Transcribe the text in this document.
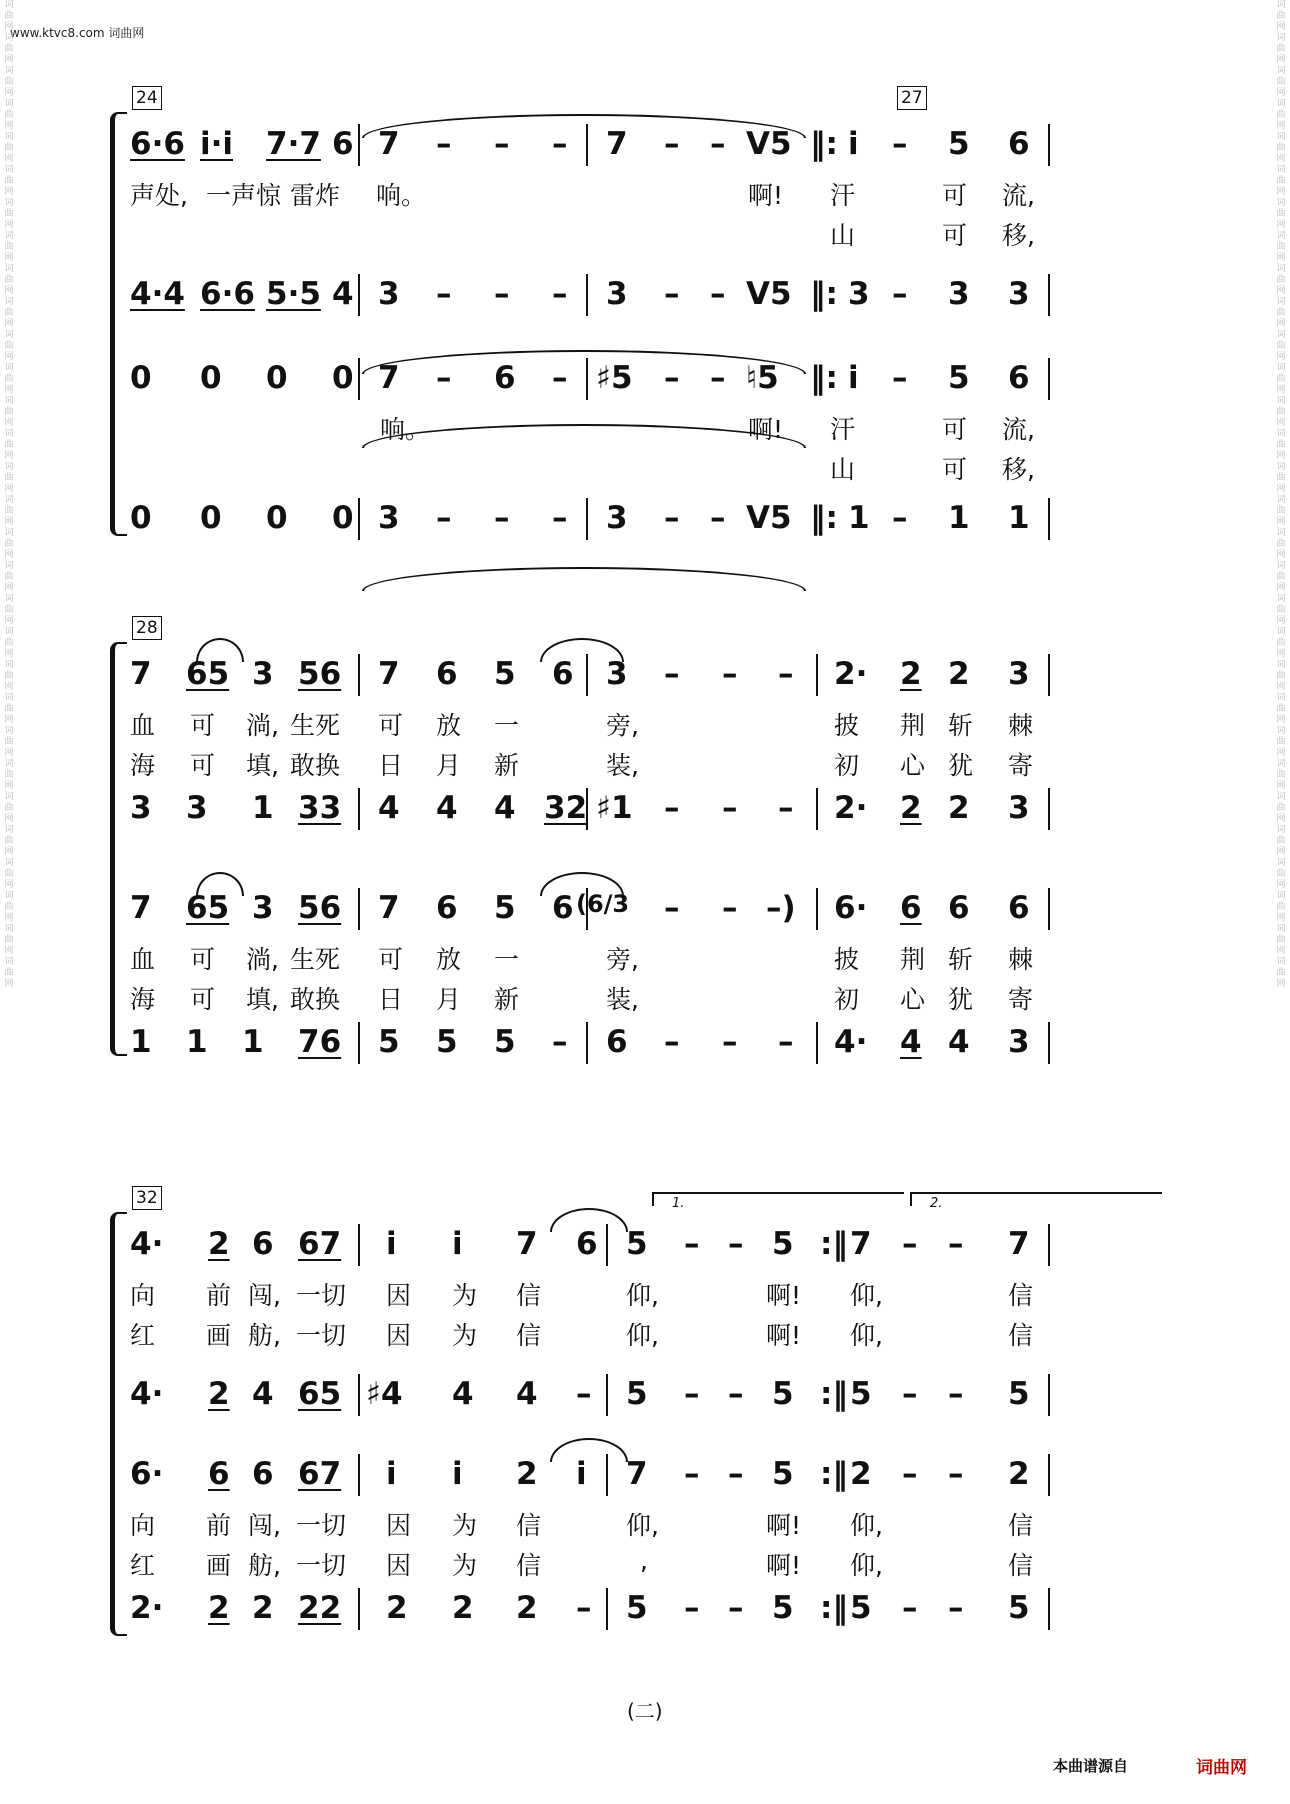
www.ktvc8.com 词曲网
词曲网词曲网词曲网词曲网词曲网词曲网词曲网词曲网词曲网词曲网词曲网词曲网词曲网词曲网词曲网词曲网词曲网词曲网词曲网词曲网词曲网词曲网词曲网词曲网词曲网词曲网词曲网词曲网词曲网词曲网
词曲网词曲网词曲网词曲网词曲网词曲网词曲网词曲网词曲网词曲网词曲网词曲网词曲网词曲网词曲网词曲网词曲网词曲网词曲网词曲网词曲网词曲网词曲网词曲网词曲网词曲网词曲网词曲网词曲网词曲网
24	27
6·6 i·i 7·7 6 7 – – – 7 – – V5 ‖: i – 5 6
声处, 一声惊 雷炸 响。	啊! 汗	可 流,
山	可 移,
4·4 6·6 5·5 4 3 – – – 3 – – V5 ‖: 3 – 3 3
0 0 0 0 7 – 6 – ♯5 – – ♮5 ‖: i – 5 6
响。	啊! 汗	可 流,
山	可 移,
0 0 0 0 3 – – – 3 – – V5 ‖: 1 – 1 1
28
7 65 3 56 7 6 5 6 3 – – – 2· 2 2 3
血 可 淌, 生死 可 放 一	旁,	披 荆 斩 棘
海 可 填, 敢换 日 月 新	装,	初 心 犹 寄
3 3 1 33 4 4 4 32 ♯1 – – – 2· 2 2 3
7 65 3 56 7 6 5 6 (6/3 – – –) 6· 6 6 6
血 可 淌, 生死 可 放 一	旁,	披 荆 斩 棘
海 可 填, 敢换 日 月 新	装,	初 心 犹 寄
1 1 1 76 5 5 5 – 6 – – – 4· 4 4 3
32	1.	2.
4· 2 6 67 i i 7 6 5 – – 5 :‖ 7 – – 7
向 前 闯, 一切 因 为 信	仰,	啊! 仰,	信
红 画 舫, 一切 因 为 信	仰,	啊! 仰,	信
4· 2 4 65 ♯4 4 4 – 5 – – 5 :‖ 5 – – 5
6· 6 6 67 i i 2 i 7 – – 5 :‖ 2 – – 2
向 前 闯, 一切 因 为 信	仰,	啊! 仰,	信
红 画 舫, 一切 因 为 信	,	啊! 仰,	信
2· 2 2 22 2 2 2 – 5 – – 5 :‖ 5 – – 5
(二)
本曲谱源自	词曲网
